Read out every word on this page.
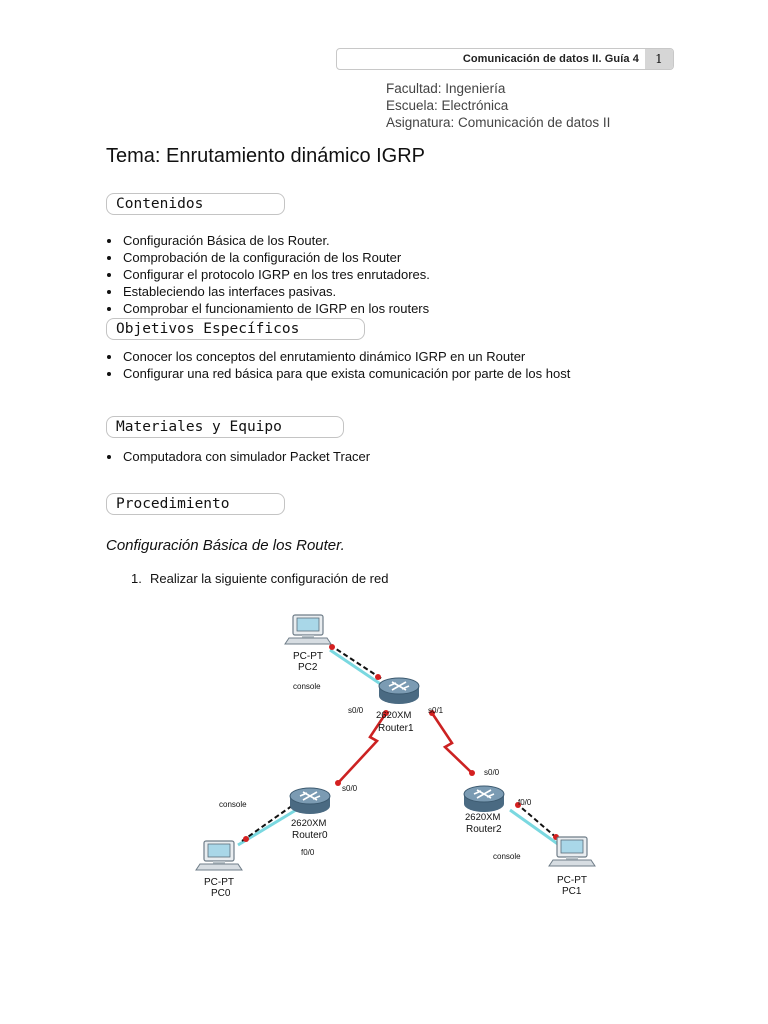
Comunicación de datos II. Guía 4	1
Facultad: Ingeniería
Escuela: Electrónica
Asignatura: Comunicación de datos II
Tema: Enrutamiento dinámico IGRP
Contenidos
Configuración Básica de los Router.
Comprobación de la configuración de los Router
Configurar el protocolo IGRP en los tres enrutadores.
Estableciendo las interfaces pasivas.
Comprobar el funcionamiento de IGRP en los routers
Objetivos Específicos
Conocer los conceptos del enrutamiento dinámico IGRP en un Router
Configurar una red básica para que exista comunicación por parte de los host
Materiales y Equipo
Computadora con simulador Packet Tracer
Procedimiento
Configuración Básica de los Router.
1. Realizar la siguiente configuración de red
PC-PT
PC2
console
2620XM
Router1
s0/0	s0/1
2620XM
Router0
s0/0
f0/0
console
2620XM
Router2
s0/0
f0/0
console
PC-PT
PC0
PC-PT
PC1
